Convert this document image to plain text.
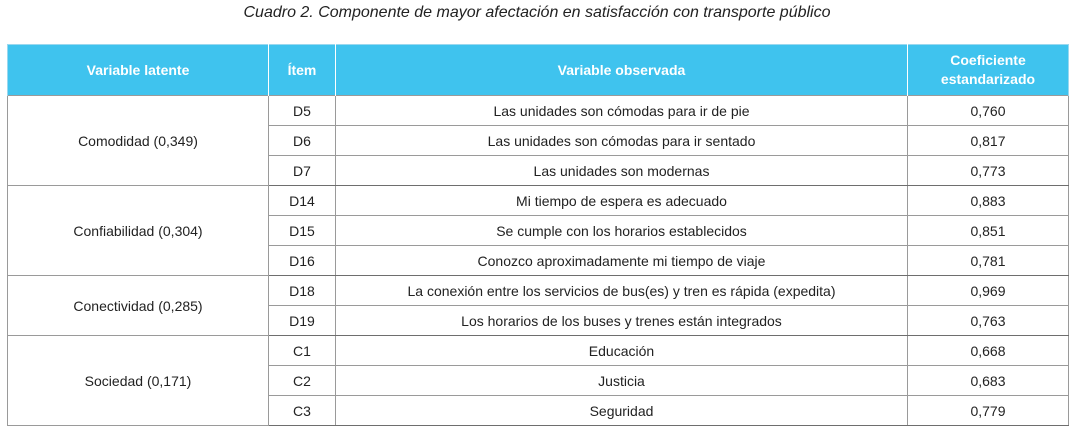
Cuadro 2. Componente de mayor afectación en satisfacción con transporte público
Variable latente	Ítem	Variable observada	Coeficiente
estandarizado
Comodidad (0,349)	D5	Las unidades son cómodas para ir de pie	0,760
	D6	Las unidades son cómodas para ir sentado	0,817
	D7	Las unidades son modernas	0,773
Confiabilidad (0,304)	D14	Mi tiempo de espera es adecuado	0,883
	D15	Se cumple con los horarios establecidos	0,851
	D16	Conozco aproximadamente mi tiempo de viaje	0,781
Conectividad (0,285)	D18	La conexión entre los servicios de bus(es) y tren es rápida (expedita)	0,969
	D19	Los horarios de los buses y trenes están integrados	0,763
Sociedad (0,171)	C1	Educación	0,668
	C2	Justicia	0,683
	C3	Seguridad	0,779
